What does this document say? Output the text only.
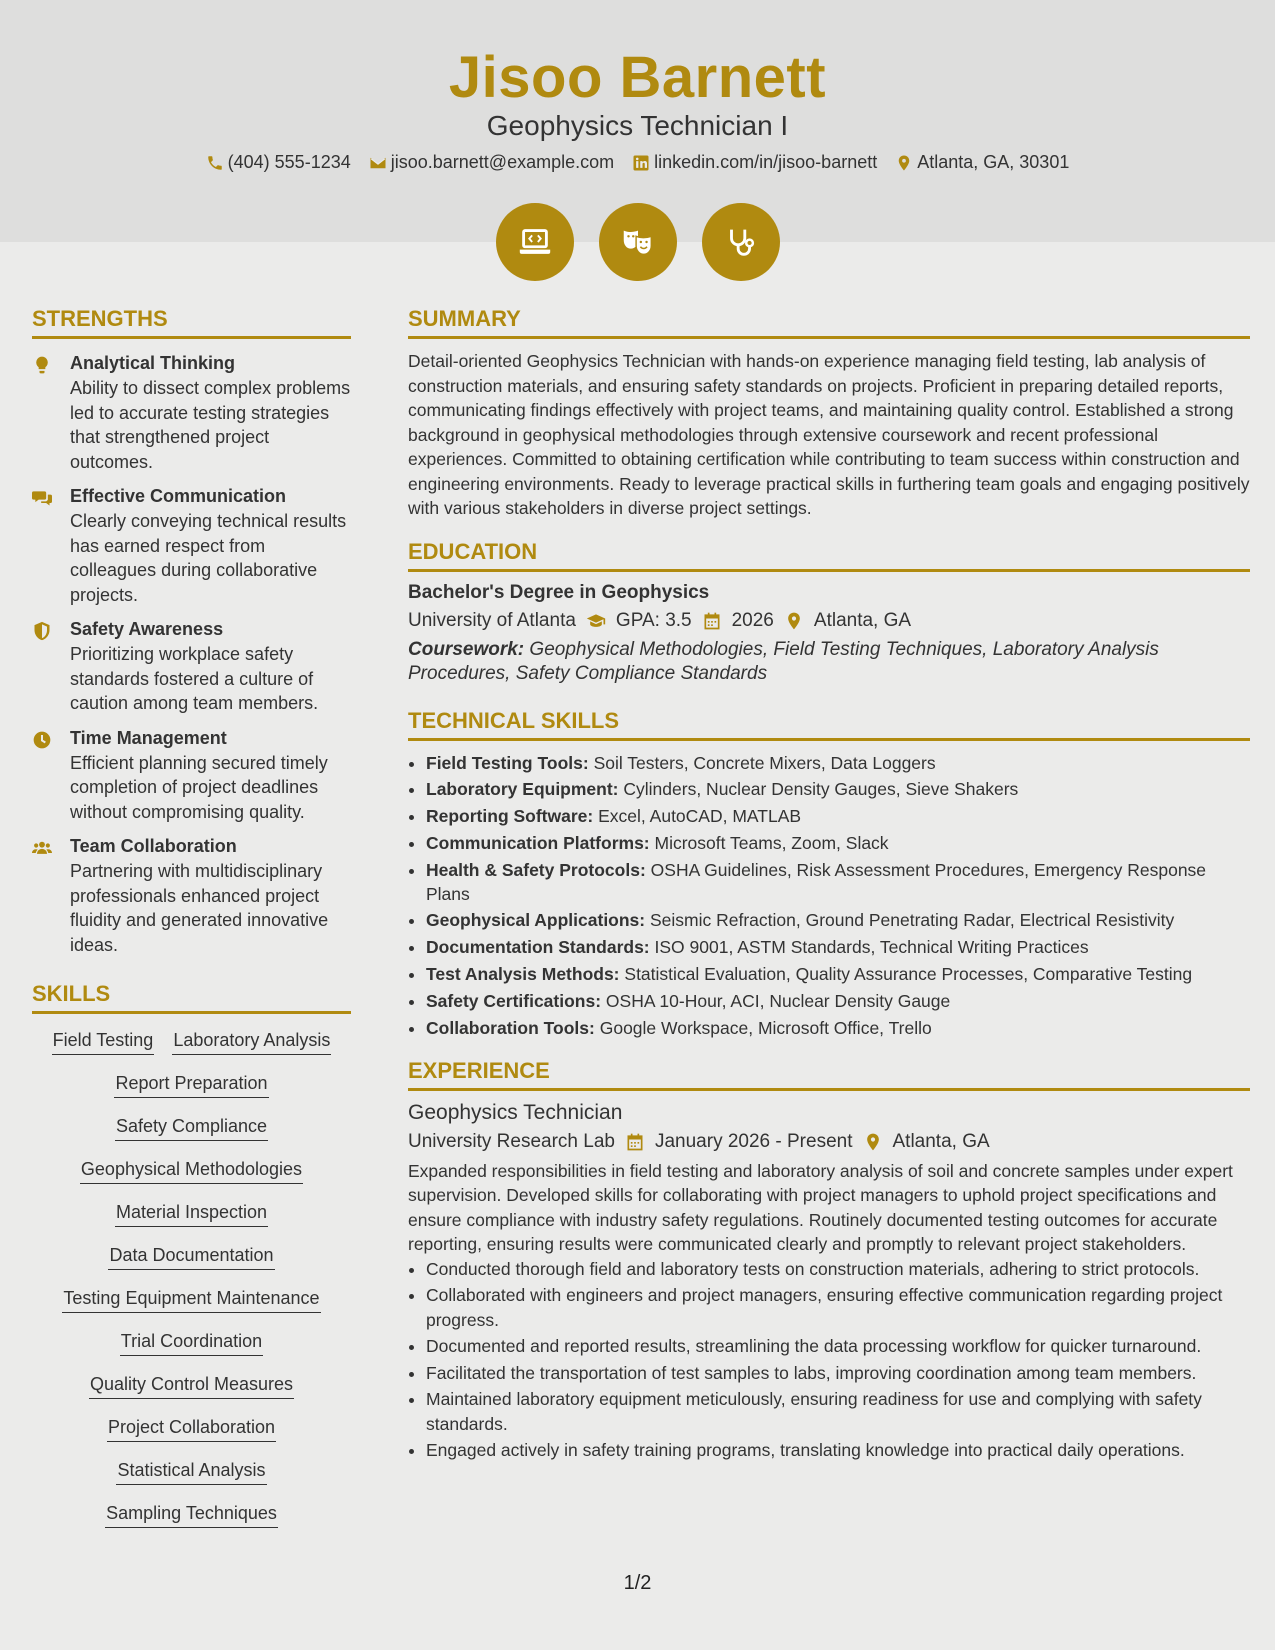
Jisoo Barnett
Geophysics Technician I
(404) 555-1234 jisoo.barnett@example.com linkedin.com/in/jisoo-barnett Atlanta, GA, 30301
STRENGTHS
Analytical Thinking
Ability to dissect complex problems led to accurate testing strategies that strengthened project outcomes.
Effective Communication
Clearly conveying technical results has earned respect from colleagues during collaborative projects.
Safety Awareness
Prioritizing workplace safety standards fostered a culture of caution among team members.
Time Management
Efficient planning secured timely completion of project deadlines without compromising quality.
Team Collaboration
Partnering with multidisciplinary professionals enhanced project fluidity and generated innovative ideas.
SKILLS
Field Testing Laboratory Analysis
Report Preparation
Safety Compliance
Geophysical Methodologies
Material Inspection
Data Documentation
Testing Equipment Maintenance
Trial Coordination
Quality Control Measures
Project Collaboration
Statistical Analysis
Sampling Techniques
SUMMARY
Detail-oriented Geophysics Technician with hands-on experience managing field testing, lab analysis of construction materials, and ensuring safety standards on projects. Proficient in preparing detailed reports, communicating findings effectively with project teams, and maintaining quality control. Established a strong background in geophysical methodologies through extensive coursework and recent professional experiences. Committed to obtaining certification while contributing to team success within construction and engineering environments. Ready to leverage practical skills in furthering team goals and engaging positively with various stakeholders in diverse project settings.
EDUCATION
Bachelor's Degree in Geophysics
University of Atlanta GPA: 3.5 2026 Atlanta, GA
Coursework: Geophysical Methodologies, Field Testing Techniques, Laboratory Analysis Procedures, Safety Compliance Standards
TECHNICAL SKILLS
• Field Testing Tools: Soil Testers, Concrete Mixers, Data Loggers
• Laboratory Equipment: Cylinders, Nuclear Density Gauges, Sieve Shakers
• Reporting Software: Excel, AutoCAD, MATLAB
• Communication Platforms: Microsoft Teams, Zoom, Slack
• Health & Safety Protocols: OSHA Guidelines, Risk Assessment Procedures, Emergency Response Plans
• Geophysical Applications: Seismic Refraction, Ground Penetrating Radar, Electrical Resistivity
• Documentation Standards: ISO 9001, ASTM Standards, Technical Writing Practices
• Test Analysis Methods: Statistical Evaluation, Quality Assurance Processes, Comparative Testing
• Safety Certifications: OSHA 10-Hour, ACI, Nuclear Density Gauge
• Collaboration Tools: Google Workspace, Microsoft Office, Trello
EXPERIENCE
Geophysics Technician
University Research Lab January 2026 - Present Atlanta, GA
Expanded responsibilities in field testing and laboratory analysis of soil and concrete samples under expert supervision. Developed skills for collaborating with project managers to uphold project specifications and ensure compliance with industry safety regulations. Routinely documented testing outcomes for accurate reporting, ensuring results were communicated clearly and promptly to relevant project stakeholders.
• Conducted thorough field and laboratory tests on construction materials, adhering to strict protocols.
• Collaborated with engineers and project managers, ensuring effective communication regarding project progress.
• Documented and reported results, streamlining the data processing workflow for quicker turnaround.
• Facilitated the transportation of test samples to labs, improving coordination among team members.
• Maintained laboratory equipment meticulously, ensuring readiness for use and complying with safety standards.
• Engaged actively in safety training programs, translating knowledge into practical daily operations.
1/2
